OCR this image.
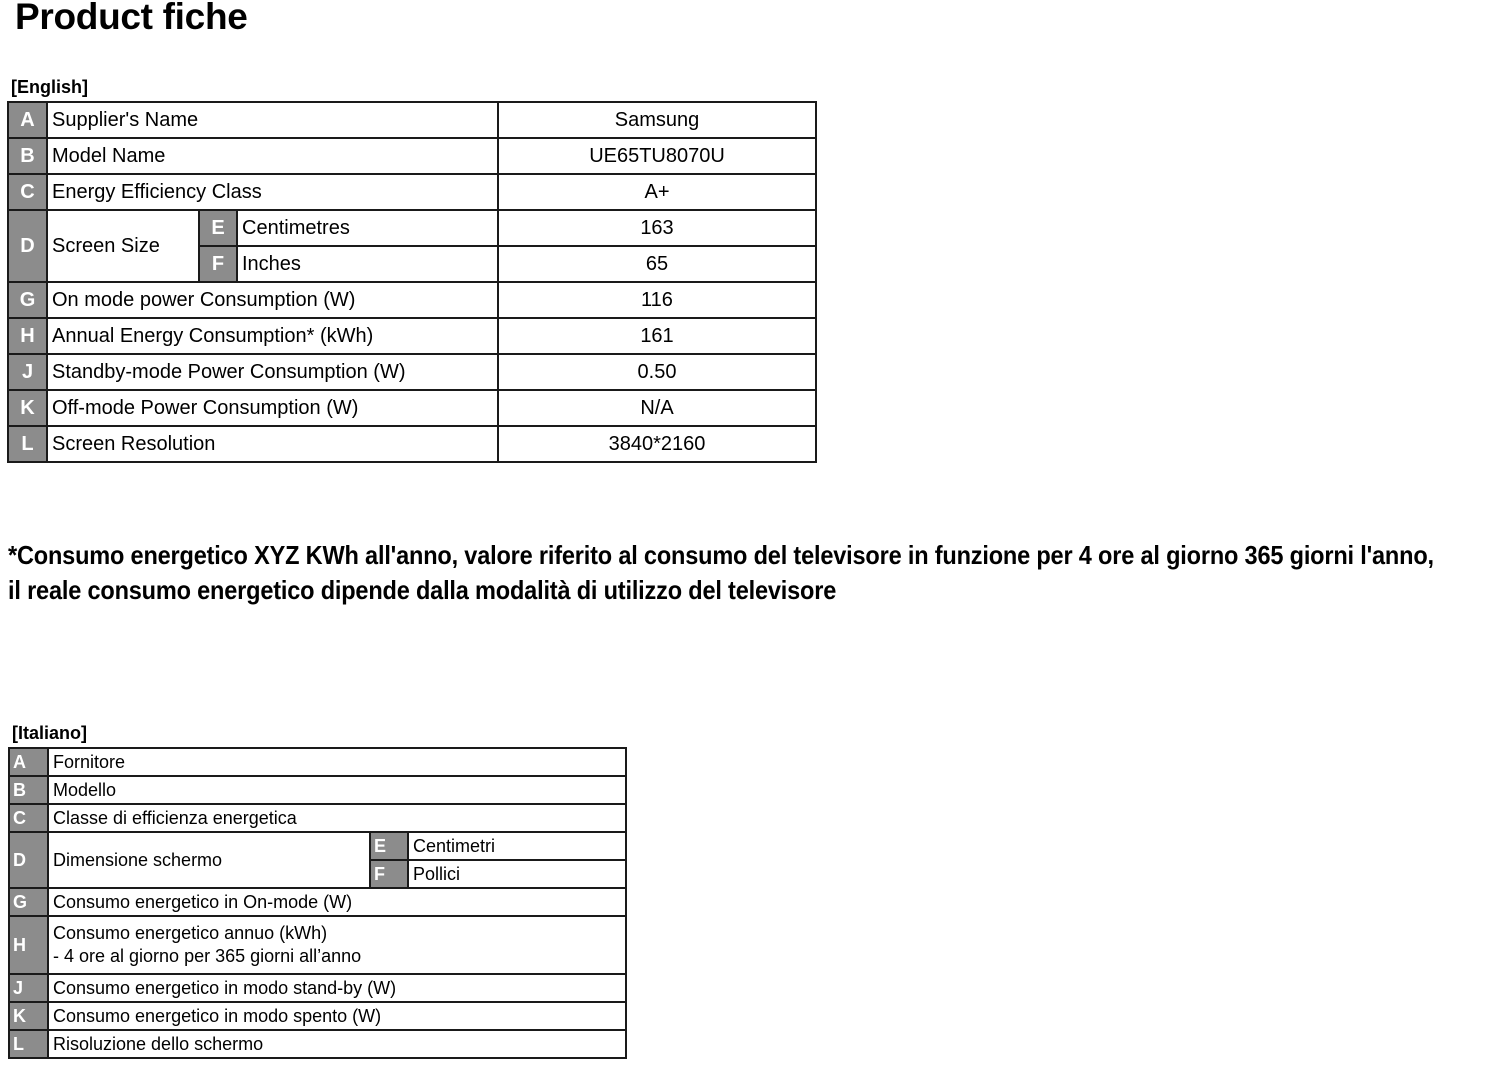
Product fiche
[English]
A	Supplier's Name			Samsung
B	Model Name			UE65TU8070U
C	Energy Efficiency Class			A+
D	Screen Size	E	Centimetres	163
		F	Inches	65
G	On mode power Consumption (W)			116
H	Annual Energy Consumption* (kWh)			161
J	Standby-mode Power Consumption (W)			0.50
K	Off-mode Power Consumption (W)			N/A
L	Screen Resolution			3840*2160
*Consumo energetico XYZ KWh all'anno, valore riferito al consumo del televisore in funzione per 4 ore al giorno 365 giorni l'anno,
il reale consumo energetico dipende dalla modalità di utilizzo del televisore
[Italiano]
A	Fornitore		
B	Modello		
C	Classe di efficienza energetica		
D	Dimensione schermo	E	Centimetri
		F	Pollici
G	Consumo energetico in On-mode (W)		
H	Consumo energetico annuo (kWh)
- 4 ore al giorno per 365 giorni all’anno		

J	Consumo energetico in modo stand-by (W)		
K	Consumo energetico in modo spento (W)		
L	Risoluzione dello schermo		
